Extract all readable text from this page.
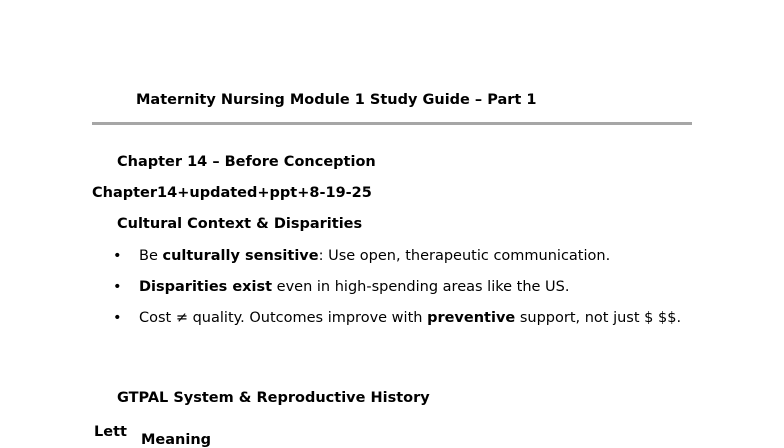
Maternity Nursing Module 1 Study Guide – Part 1
Chapter 14 – Before Conception
Chapter14+updated+ppt+8-19-25
Cultural Context & Disparities
• Be culturally sensitive: Use open, therapeutic communication.
• Disparities exist even in high-spending areas like the US.
• Cost ≠ quality. Outcomes improve with preventive support, not just $ $$.
GTPAL System & Reproductive History
Lett Meaning
